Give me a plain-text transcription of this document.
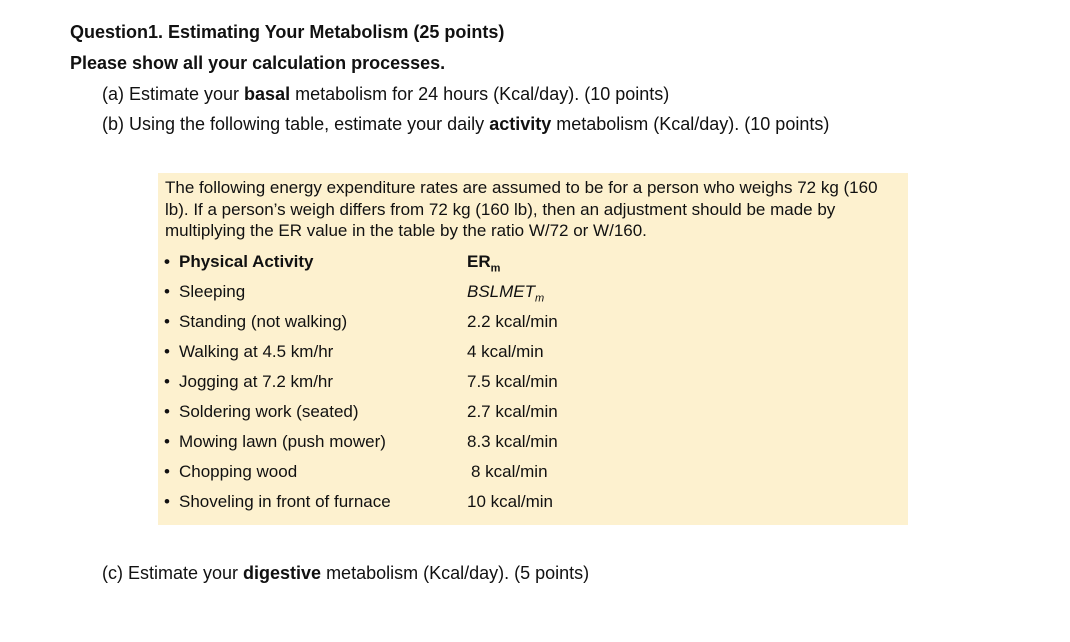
Question1. Estimating Your Metabolism (25 points)
Please show all your calculation processes.
(a) Estimate your basal metabolism for 24 hours (Kcal/day). (10 points)
(b) Using the following table, estimate your daily activity metabolism (Kcal/day). (10 points)
The following energy expenditure rates are assumed to be for a person who weighs 72 kg (160 lb). If a person’s weigh differs from 72 kg (160 lb), then an adjustment should be made by multiplying the ER value in the table by the ratio W/72 or W/160.
• Physical Activity	$ER_m$
• Sleeping	$BSLMET_m$
• Standing (not walking)	2.2 kcal/min
• Walking at 4.5 km/hr	4 kcal/min
• Jogging at 7.2 km/hr	7.5 kcal/min
• Soldering work (seated)	2.7 kcal/min
• Mowing lawn (push mower)	8.3 kcal/min
• Chopping wood	8 kcal/min
• Shoveling in front of furnace	10 kcal/min
(c) Estimate your digestive metabolism (Kcal/day). (5 points)
